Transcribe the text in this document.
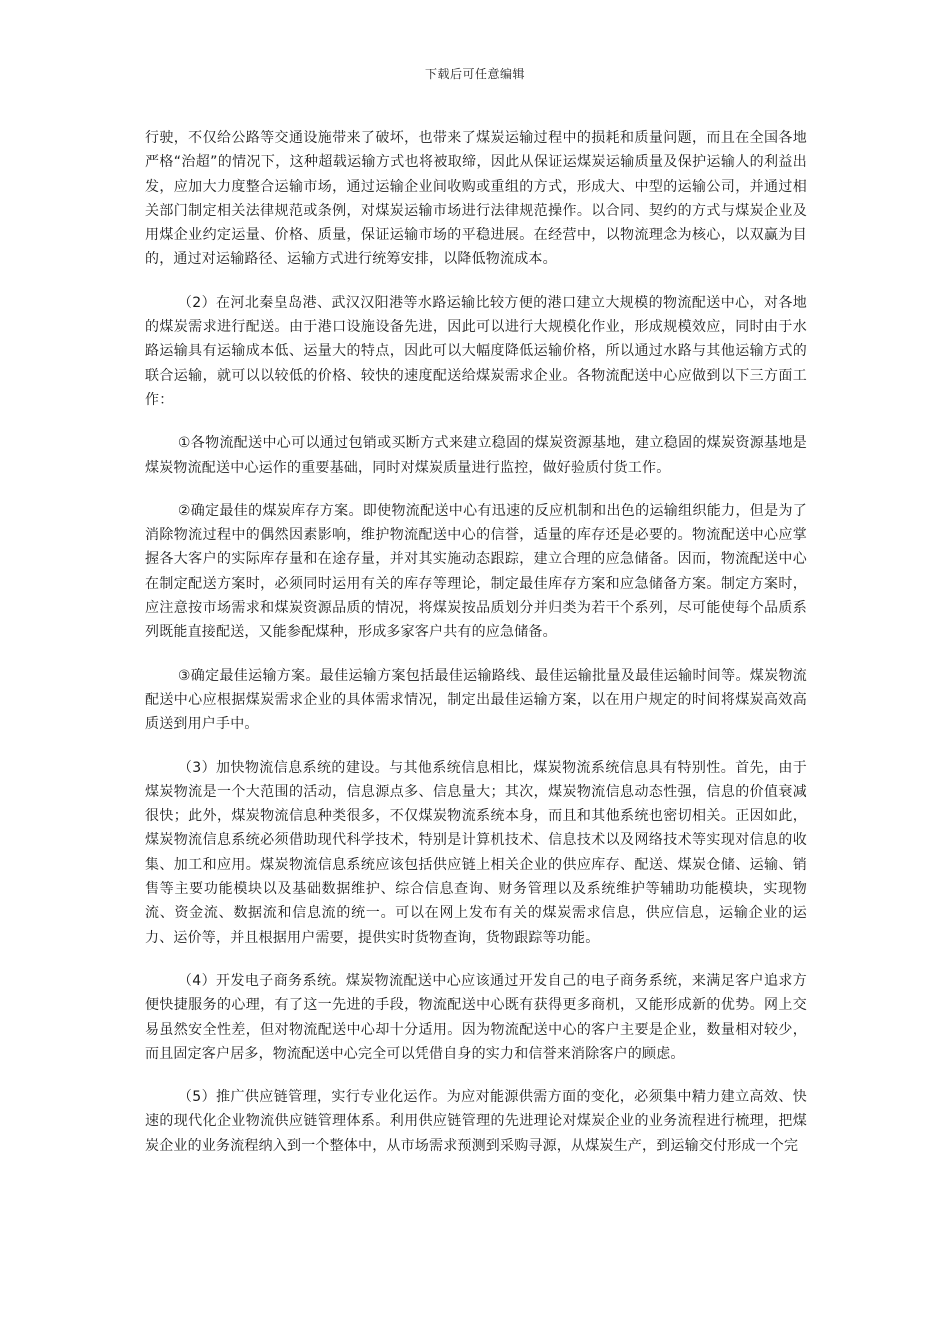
下载后可任意编辑

行驶，不仅给公路等交通设施带来了破坏，也带来了煤炭运输过程中的损耗和质量问题，而且在全国各地严格“治超”的情况下，这种超载运输方式也将被取缔，因此从保证运煤炭运输质量及保护运输人的利益出发，应加大力度整合运输市场，通过运输企业间收购或重组的方式，形成大、中型的运输公司，并通过相关部门制定相关法律规范或条例，对煤炭运输市场进行法律规范操作。以合同、契约的方式与煤炭企业及用煤企业约定运量、价格、质量，保证运输市场的平稳进展。在经营中，以物流理念为核心，以双赢为目的，通过对运输路径、运输方式进行统筹安排，以降低物流成本。

（2）在河北秦皇岛港、武汉汉阳港等水路运输比较方便的港口建立大规模的物流配送中心，对各地的煤炭需求进行配送。由于港口设施设备先进，因此可以进行大规模化作业，形成规模效应，同时由于水路运输具有运输成本低、运量大的特点，因此可以大幅度降低运输价格，所以通过水路与其他运输方式的联合运输，就可以以较低的价格、较快的速度配送给煤炭需求企业。各物流配送中心应做到以下三方面工作：

①各物流配送中心可以通过包销或买断方式来建立稳固的煤炭资源基地，建立稳固的煤炭资源基地是煤炭物流配送中心运作的重要基础，同时对煤炭质量进行监控，做好验质付货工作。

②确定最佳的煤炭库存方案。即使物流配送中心有迅速的反应机制和出色的运输组织能力，但是为了消除物流过程中的偶然因素影响，维护物流配送中心的信誉，适量的库存还是必要的。物流配送中心应掌握各大客户的实际库存量和在途存量，并对其实施动态跟踪，建立合理的应急储备。因而，物流配送中心在制定配送方案时，必须同时运用有关的库存等理论，制定最佳库存方案和应急储备方案。制定方案时，应注意按市场需求和煤炭资源品质的情况，将煤炭按品质划分并归类为若干个系列，尽可能使每个品质系列既能直接配送，又能参配煤种，形成多家客户共有的应急储备。

③确定最佳运输方案。最佳运输方案包括最佳运输路线、最佳运输批量及最佳运输时间等。煤炭物流配送中心应根据煤炭需求企业的具体需求情况，制定出最佳运输方案，以在用户规定的时间将煤炭高效高质送到用户手中。

（3）加快物流信息系统的建设。与其他系统信息相比，煤炭物流系统信息具有特别性。首先，由于煤炭物流是一个大范围的活动，信息源点多、信息量大；其次，煤炭物流信息动态性强，信息的价值衰减很快；此外，煤炭物流信息种类很多，不仅煤炭物流系统本身，而且和其他系统也密切相关。正因如此，煤炭物流信息系统必须借助现代科学技术，特别是计算机技术、信息技术以及网络技术等实现对信息的收集、加工和应用。煤炭物流信息系统应该包括供应链上相关企业的供应库存、配送、煤炭仓储、运输、销售等主要功能模块以及基础数据维护、综合信息查询、财务管理以及系统维护等辅助功能模块，实现物流、资金流、数据流和信息流的统一。可以在网上发布有关的煤炭需求信息，供应信息，运输企业的运力、运价等，并且根据用户需要，提供实时货物查询，货物跟踪等功能。

（4）开发电子商务系统。煤炭物流配送中心应该通过开发自己的电子商务系统，来满足客户追求方便快捷服务的心理，有了这一先进的手段，物流配送中心既有获得更多商机，又能形成新的优势。网上交易虽然安全性差，但对物流配送中心却十分适用。因为物流配送中心的客户主要是企业，数量相对较少，而且固定客户居多，物流配送中心完全可以凭借自身的实力和信誉来消除客户的顾虑。

（5）推广供应链管理，实行专业化运作。为应对能源供需方面的变化，必须集中精力建立高效、快速的现代化企业物流供应链管理体系。利用供应链管理的先进理论对煤炭企业的业务流程进行梳理，把煤炭企业的业务流程纳入到一个整体中，从市场需求预测到采购寻源，从煤炭生产，到运输交付形成一个完
